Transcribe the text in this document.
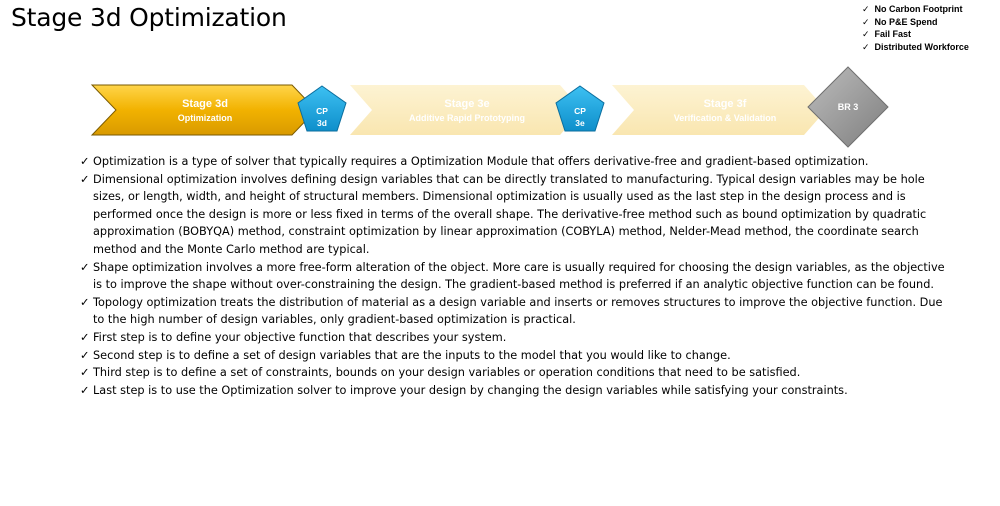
Stage 3d Optimization	✓ No Carbon Footprint
✓ No P&E Spend
✓ Fail Fast
✓ Distributed Workforce
Stage 3d
Optimization
CP
3d
Stage 3e
Additive Rapid Prototyping
CP
3e
Stage 3f
Verification & Validation
BR 3
✓ Optimization is a type of solver that typically requires a Optimization Module that offers derivative-free and gradient-based optimization.
✓ Dimensional optimization involves defining design variables that can be directly translated to manufacturing. Typical design variables may be hole sizes, or length, width, and height of structural members. Dimensional optimization is usually used as the last step in the design process and is performed once the design is more or less fixed in terms of the overall shape. The derivative-free method such as bound optimization by quadratic approximation (BOBYQA) method, constraint optimization by linear approximation (COBYLA) method, Nelder-Mead method, the coordinate search method and the Monte Carlo method are typical.
✓ Shape optimization involves a more free-form alteration of the object. More care is usually required for choosing the design variables, as the objective is to improve the shape without over-constraining the design. The gradient-based method is preferred if an analytic objective function can be found.
✓ Topology optimization treats the distribution of material as a design variable and inserts or removes structures to improve the objective function. Due to the high number of design variables, only gradient-based optimization is practical.
✓ First step is to define your objective function that describes your system.
✓ Second step is to define a set of design variables that are the inputs to the model that you would like to change.
✓ Third step is to define a set of constraints, bounds on your design variables or operation conditions that need to be satisfied.
✓ Last step is to use the Optimization solver to improve your design by changing the design variables while satisfying your constraints.
